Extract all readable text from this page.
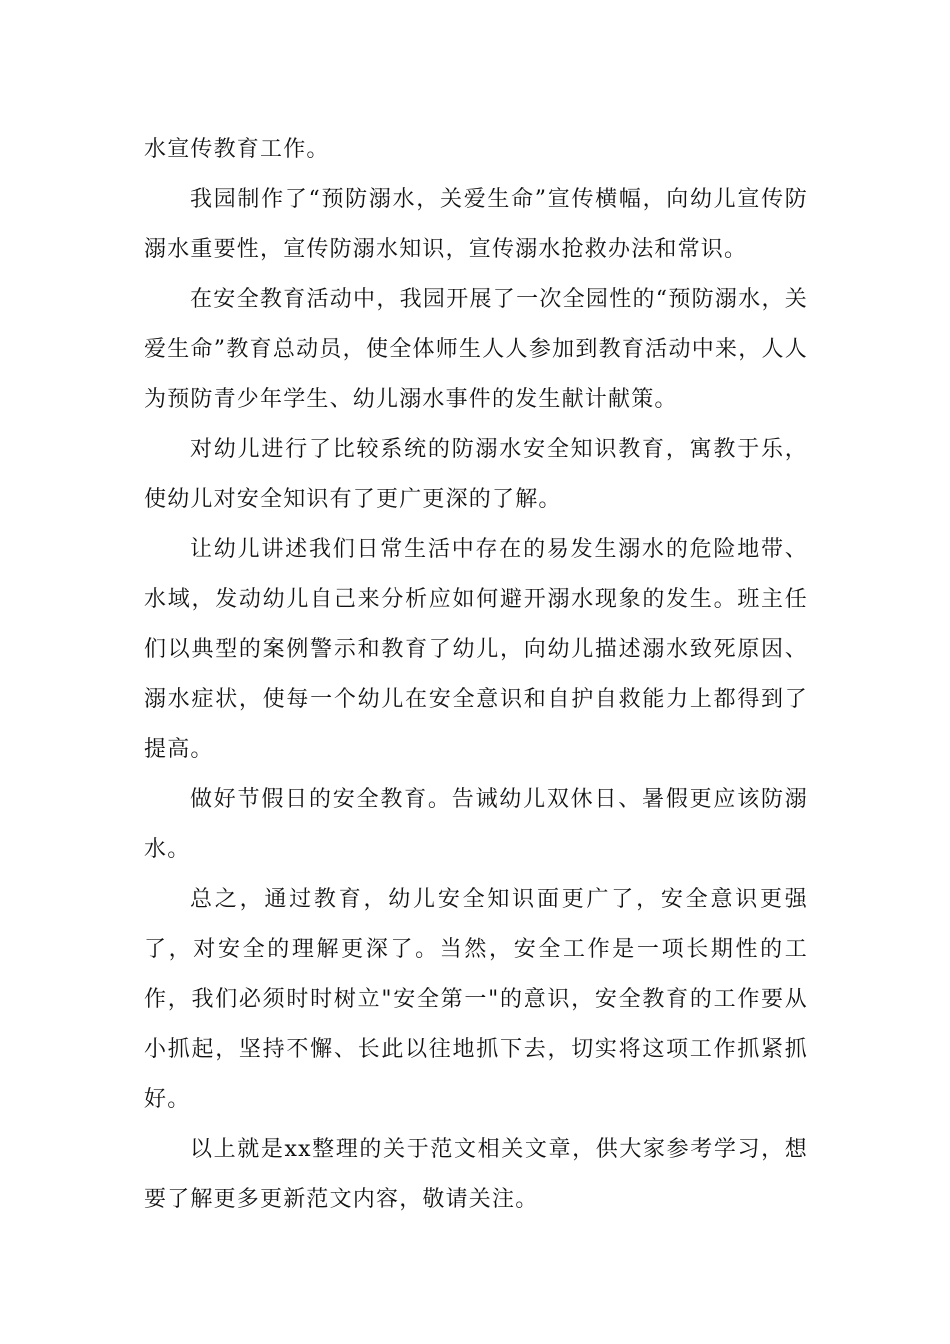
水宣传教育工作。

我园制作了“预防溺水，关爱生命”宣传横幅，向幼儿宣传防溺水重要性，宣传防溺水知识，宣传溺水抢救办法和常识。

在安全教育活动中，我园开展了一次全园性的“预防溺水，关爱生命”教育总动员，使全体师生人人参加到教育活动中来，人人为预防青少年学生、幼儿溺水事件的发生献计献策。

对幼儿进行了比较系统的防溺水安全知识教育，寓教于乐，使幼儿对安全知识有了更广更深的了解。

让幼儿讲述我们日常生活中存在的易发生溺水的危险地带、水域，发动幼儿自己来分析应如何避开溺水现象的发生。班主任们以典型的案例警示和教育了幼儿，向幼儿描述溺水致死原因、溺水症状，使每一个幼儿在安全意识和自护自救能力上都得到了提高。

做好节假日的安全教育。告诫幼儿双休日、暑假更应该防溺水。

总之，通过教育，幼儿安全知识面更广了，安全意识更强了，对安全的理解更深了。当然，安全工作是一项长期性的工作，我们必须时时树立"安全第一"的意识，安全教育的工作要从小抓起，坚持不懈、长此以往地抓下去，切实将这项工作抓紧抓好。

以上就是xx整理的关于范文相关文章，供大家参考学习，想要了解更多更新范文内容，敬请关注。
